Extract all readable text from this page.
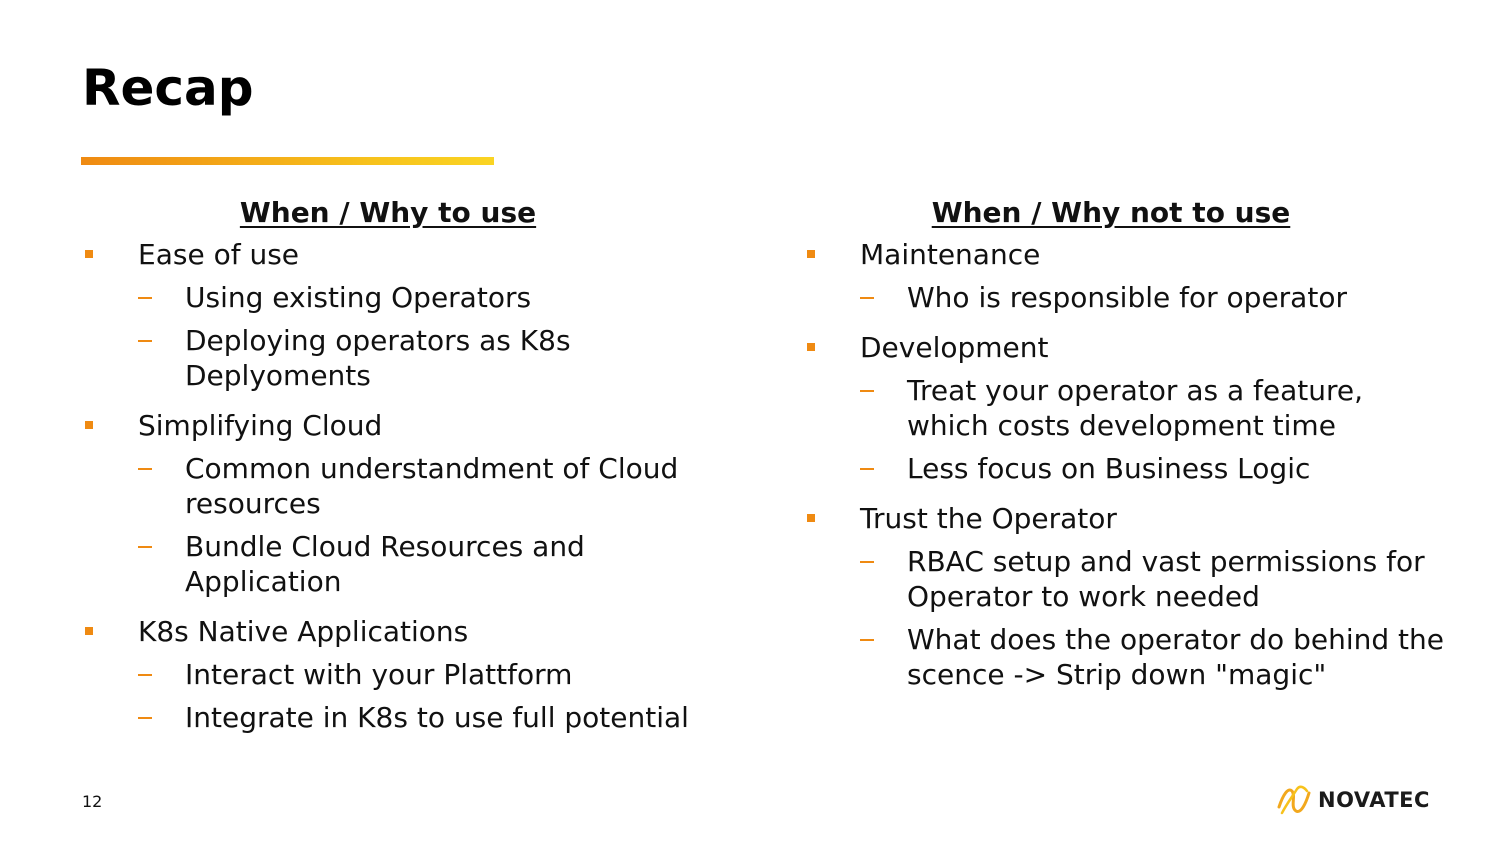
Recap
When / Why to use
Ease of use
Using existing Operators
Deploying operators as K8s Deplyoments
Simplifying Cloud
Common understandment of Cloud resources
Bundle Cloud Resources and Application
K8s Native Applications
Interact with your Plattform
Integrate in K8s to use full potential
When / Why not to use
Maintenance
Who is responsible for operator
Development
Treat your operator as a feature, which costs development time
Less focus on Business Logic
Trust the Operator
RBAC setup and vast permissions for Operator to work needed
What does the operator do behind the scence -> Strip down "magic"
12	NOVATEC
